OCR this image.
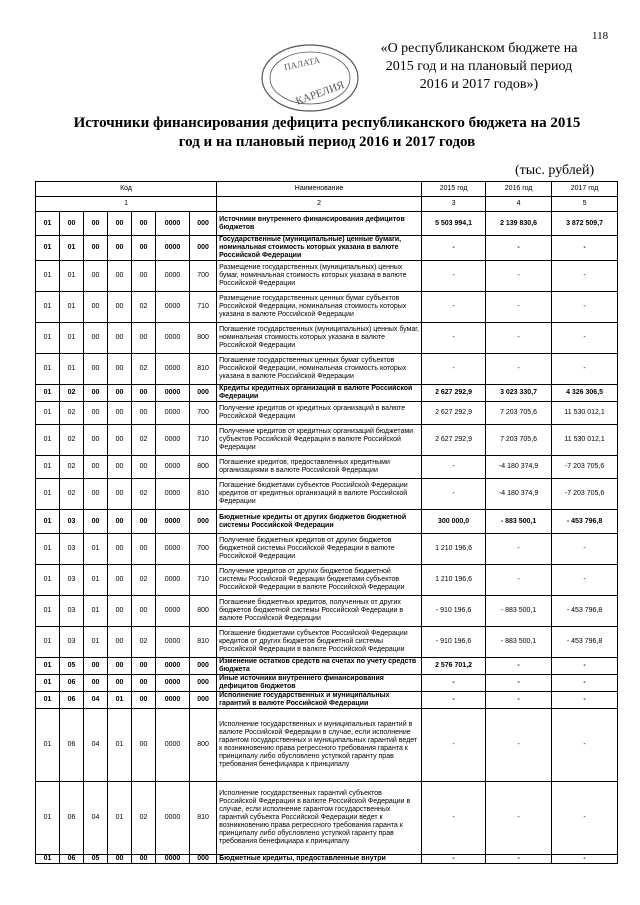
118
ПАЛАТА
КАРЕЛИЯ
«О республиканском бюджете на
2015 год и на плановый период
2016 и 2017 годов»)
Источники финансирования дефицита республиканского бюджета на 2015
год и на плановый период 2016 и 2017 годов
(тыс. рублей)
Код							Наименование	2015 год	2016 год	2017 год
1							2	3	4	5
01	00	00	00	00	0000	000	Источники внутреннего финансирования дефицитов бюджетов	5 503 994,1	2 139 830,6	3 872 509,7
01	01	00	00	00	0000	000	Государственные (муниципальные) ценные бумаги, номинальная стоимость которых указана в валюте Российской Федерации	-	-	-
01	01	00	00	00	0000	700	Размещение государственных (муниципальных) ценных бумаг, номинальная стоимость которых указана в валюте Российской Федерации	-	-	-
01	01	00	00	02	0000	710	Размещение государственных ценных бумаг субъектов Российской Федерации, номинальная стоимость которых указана в валюте Российской Федерации	-	-	-
01	01	00	00	00	0000	800	Погашение государственных (муниципальных) ценных бумаг, номинальная стоимость которых указана в валюте Российской Федерации	-	-	-
01	01	00	00	02	0000	810	Погашение государственных ценных бумаг субъектов Российской Федерации, номинальная стоимость которых указана в валюте Российской Федерации	-	-	-
01	02	00	00	00	0000	000	Кредиты кредитных организаций в валюте Российской Федерации	2 627 292,9	3 023 330,7	4 326 306,5
01	02	00	00	00	0000	700	Получение кредитов от кредитных организаций в валюте Российской Федерации	2 627 292,9	7 203 705,6	11 530 012,1
01	02	00	00	02	0000	710	Получение кредитов от кредитных организаций бюджетами субъектов Российской Федерации в валюте Российской Федерации	2 627 292,9	7 203 705,6	11 530 012,1
01	02	00	00	00	0000	800	Погашение кредитов, предоставленных кредитными организациями в валюте Российской Федерации	-	-4 180 374,9	-7 203 705,6
01	02	00	00	02	0000	810	Погашение бюджетами субъектов Российской Федерации кредитов от кредитных организаций в валюте Российской Федерации	-	-4 180 374,9	-7 203 705,6
01	03	00	00	00	0000	000	Бюджетные кредиты от других бюджетов бюджетной системы Российской Федерации	300 000,0	- 883 500,1	- 453 796,8
01	03	01	00	00	0000	700	Получение бюджетных кредитов от других бюджетов бюджетной системы Российской Федерации в валюте Российской Федерации	1 210 196,6	-	-
01	03	01	00	02	0000	710	Получение кредитов от других бюджетов бюджетной системы Российской Федерации бюджетами субъектов Российской Федерации в валюте Российской Федерации	1 210 196,6	-	-
01	03	01	00	00	0000	800	Погашение бюджетных кредитов, полученных от других бюджетов бюджетной системы Российской Федерации в валюте Российской Федерации	- 910 196,6	- 883 500,1	- 453 796,8
01	03	01	00	02	0000	810	Погашение бюджетами субъектов Российской Федерации кредитов от других бюджетов бюджетной системы Российской Федерации в валюте Российской Федерации	- 910 196,6	- 883 500,1	- 453 796,8
01	05	00	00	00	0000	000	Изменение остатков средств на счетах по учету средств бюджета	2 576 701,2	-	-
01	06	00	00	00	0000	000	Иные источники внутреннего финансирования дефицитов бюджетов	-	-	-
01	06	04	01	00	0000	000	Исполнение государственных и муниципальных гарантий в валюте Российской Федерации	-	-	-
01	06	04	01	00	0000	800	Исполнение государственных и муниципальных гарантий в валюте Российской Федерации в случае, если исполнение гарантом государственных и муниципальных гарантий ведет к возникновению права регрессного требования гаранта к принципалу либо обусловлено уступкой гаранту прав требования бенефициара к принципалу	-	-	-
01	06	04	01	02	0000	810	Исполнение государственных гарантий субъектов Российской Федерации в валюте Российской Федерации в случае, если исполнение гарантом государственных гарантий субъекта Российской Федерации ведет к возникновению права регрессного требования гаранта к принципалу либо обусловлено уступкой гаранту прав требования бенефициара к принципалу	-	-	-
01	06	05	00	00	0000	000	Бюджетные кредиты, предоставленные внутри	-	-	-
